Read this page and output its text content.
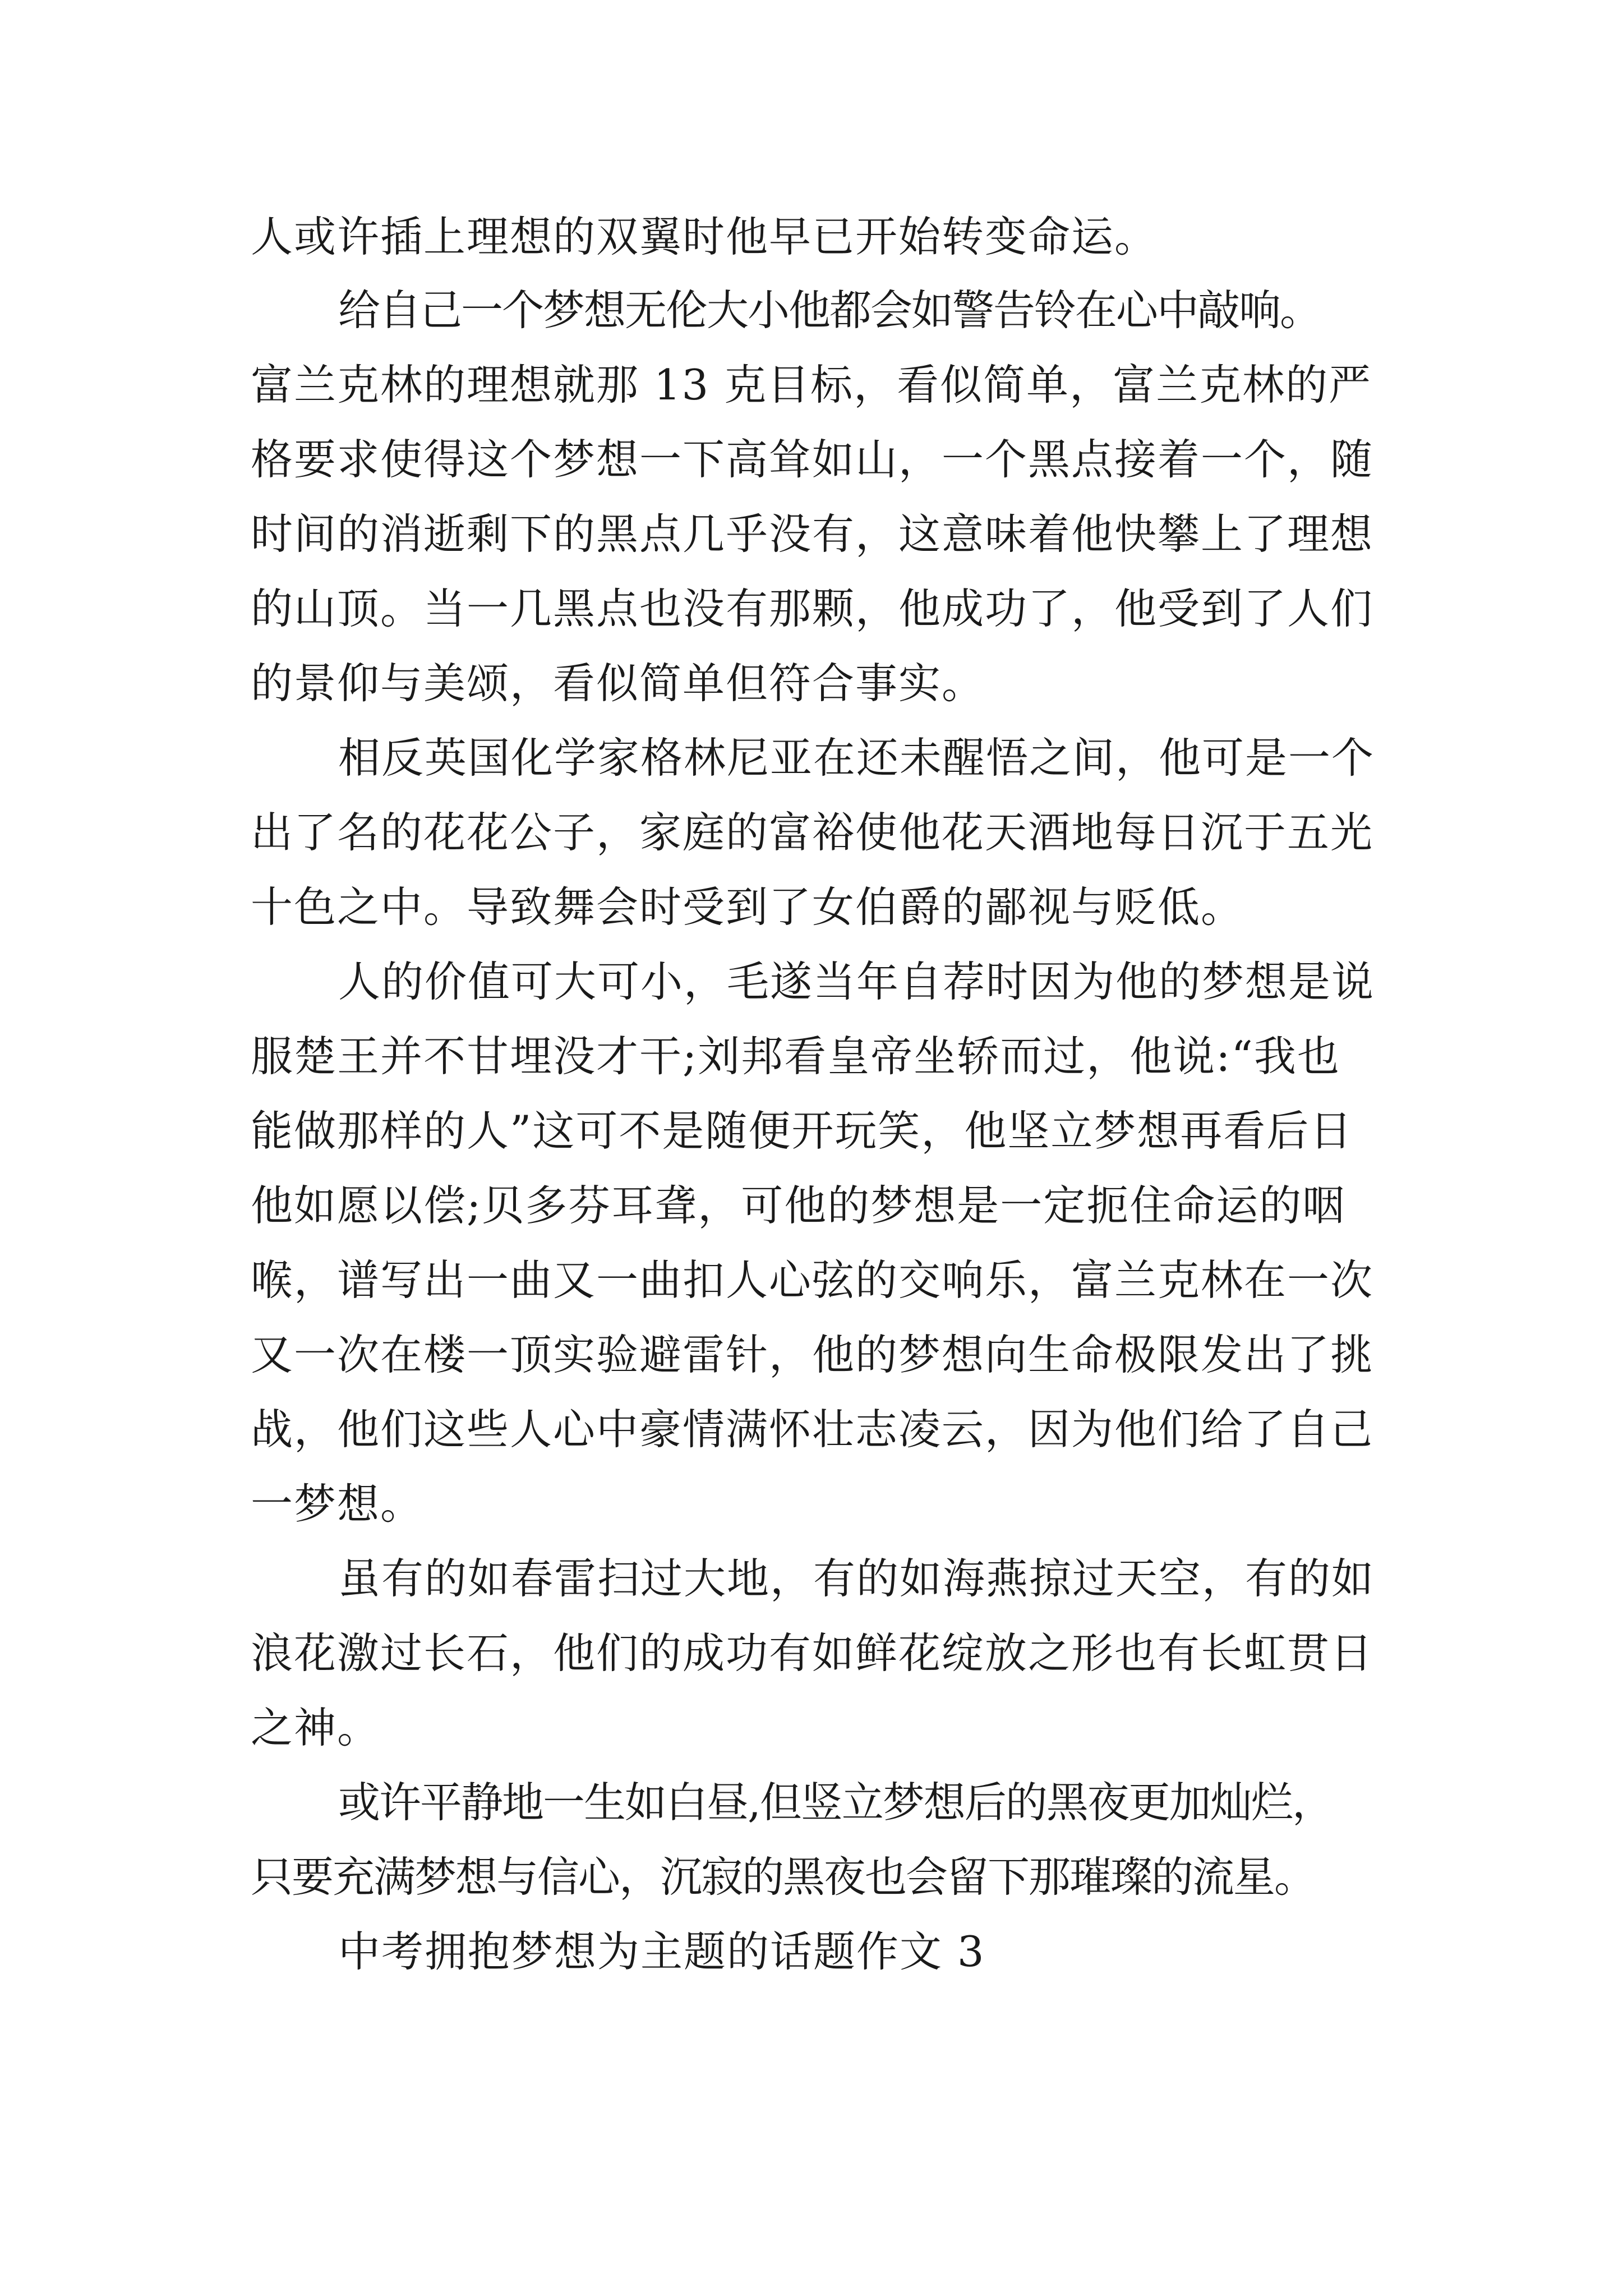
人或许插上理想的双翼时他早已开始转变命运。
给自己一个梦想无伦大小他都会如警告铃在心中敲响。
富兰克林的理想就那 13 克目标，看似简单，富兰克林的严
格要求使得这个梦想一下高耸如山，一个黑点接着一个，随
时间的消逝剩下的黑点几乎没有，这意味着他快攀上了理想
的山顶。当一几黑点也没有那颗，他成功了，他受到了人们
的景仰与美颂，看似简单但符合事实。
相反英国化学家格林尼亚在还未醒悟之间，他可是一个
出了名的花花公子，家庭的富裕使他花天酒地每日沉于五光
十色之中。导致舞会时受到了女伯爵的鄙视与贬低。
人的价值可大可小，毛遂当年自荐时因为他的梦想是说
服楚王并不甘埋没才干;刘邦看皇帝坐轿而过，他说:“我也
能做那样的人”这可不是随便开玩笑，他坚立梦想再看后日
他如愿以偿;贝多芬耳聋，可他的梦想是一定扼住命运的咽
喉，谱写出一曲又一曲扣人心弦的交响乐，富兰克林在一次
又一次在楼一顶实验避雷针，他的梦想向生命极限发出了挑
战，他们这些人心中豪情满怀壮志凌云，因为他们给了自己
一梦想。
虽有的如春雷扫过大地，有的如海燕掠过天空，有的如
浪花激过长石，他们的成功有如鲜花绽放之形也有长虹贯日
之神。
或许平静地一生如白昼,但竖立梦想后的黑夜更加灿烂，
只要充满梦想与信心，沉寂的黑夜也会留下那璀璨的流星。
中考拥抱梦想为主题的话题作文 3
